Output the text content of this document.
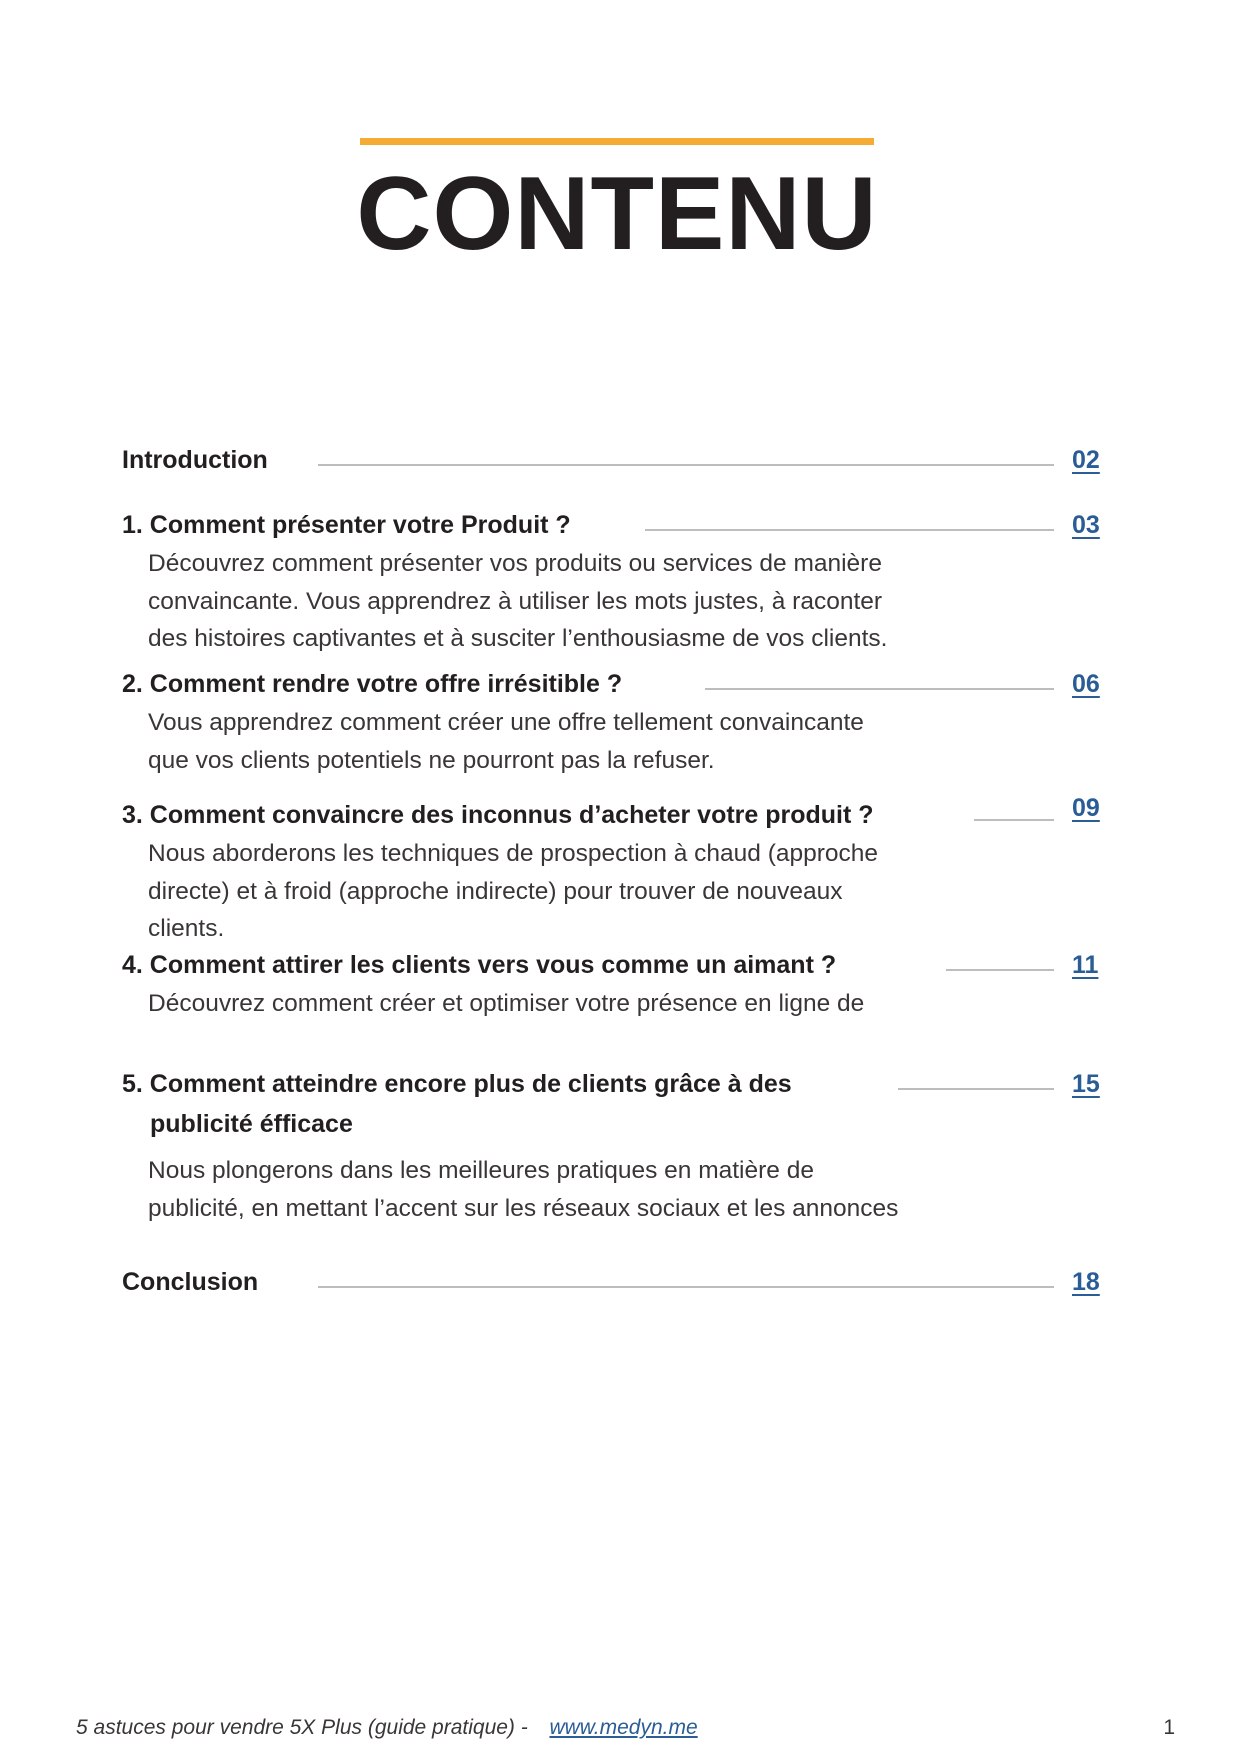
CONTENU
Introduction	02
1. Comment présenter votre Produit ?	03
Découvrez comment présenter vos produits ou services de manière
convaincante. Vous apprendrez à utiliser les mots justes, à raconter
des histoires captivantes et à susciter l’enthousiasme de vos clients.
2. Comment rendre votre offre irrésitible ?	06
Vous apprendrez comment créer une offre tellement convaincante
que vos clients potentiels ne pourront pas la refuser.
3. Comment convaincre des inconnus d’acheter votre produit ?	09
Nous aborderons les techniques de prospection à chaud (approche
directe) et à froid (approche indirecte) pour trouver de nouveaux
clients.
4. Comment attirer les clients vers vous comme un aimant ?	11
Découvrez comment créer et optimiser votre présence en ligne de
5. Comment atteindre encore plus de clients grâce à des	15
publicité éfficace
Nous plongerons dans les meilleures pratiques en matière de
publicité, en mettant l’accent sur les réseaux sociaux et les annonces
Conclusion	18
5 astuces pour vendre 5X Plus (guide pratique) - www.medyn.me	1
